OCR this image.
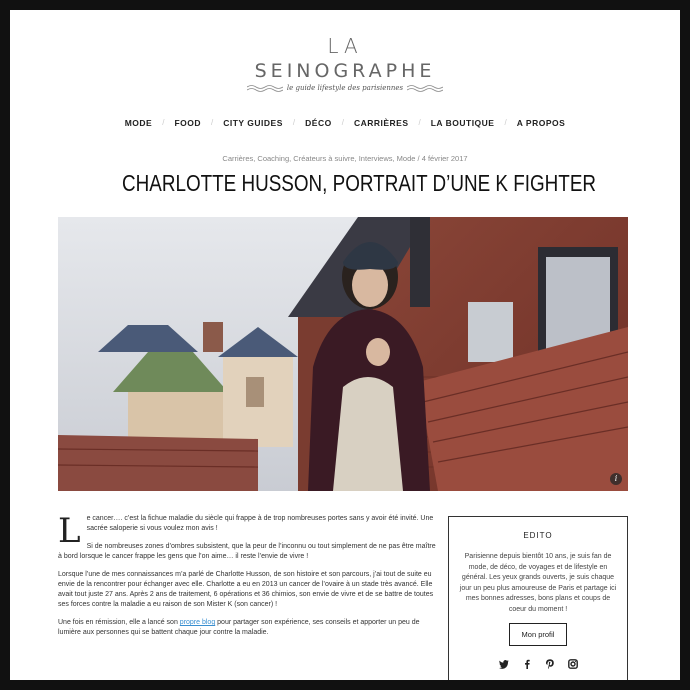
LA
SEINOGRAPHE
le guide lifestyle des parisiennes
MODE	/	FOOD	/	CITY GUIDES	/	DÉCO	/	CARRIÈRES	/	LA BOUTIQUE	/	A PROPOS
Carrières, Coaching, Créateurs à suivre, Interviews, Mode / 4 février 2017
CHARLOTTE HUSSON, PORTRAIT D’UNE K FIGHTER
i

Le cancer…. c’est la fichue maladie du siècle qui frappe à de trop nombreuses portes sans y avoir été invité. Une sacrée saloperie si vous voulez mon avis !

Si de nombreuses zones d’ombres subsistent, que la peur de l’inconnu ou tout simplement de ne pas être maître à bord lorsque le cancer frappe les gens que l’on aime… il reste l’envie de vivre !

Lorsque l’une de mes connaissances m’a parlé de Charlotte Husson, de son histoire et son parcours, j’ai tout de suite eu envie de la rencontrer pour échanger avec elle. Charlotte a eu en 2013 un cancer de l’ovaire à un stade très avancé. Elle avait tout juste 27 ans. Après 2 ans de traitement, 6 opérations et 36 chimios, son envie de vivre et de se battre de toutes ses forces contre la maladie a eu raison de son Mister K (son cancer) !

Une fois en rémission, elle a lancé son propre blog pour partager son expérience, ses conseils et apporter un peu de lumière aux personnes qui se battent chaque jour contre la maladie.

EDITO
Parisienne depuis bientôt 10 ans, je suis fan de mode, de déco, de voyages et de lifestyle en général. Les yeux grands ouverts, je suis chaque jour un peu plus amoureuse de Paris et partage ici mes bonnes adresses, bons plans et coups de coeur du moment !
Mon profil
